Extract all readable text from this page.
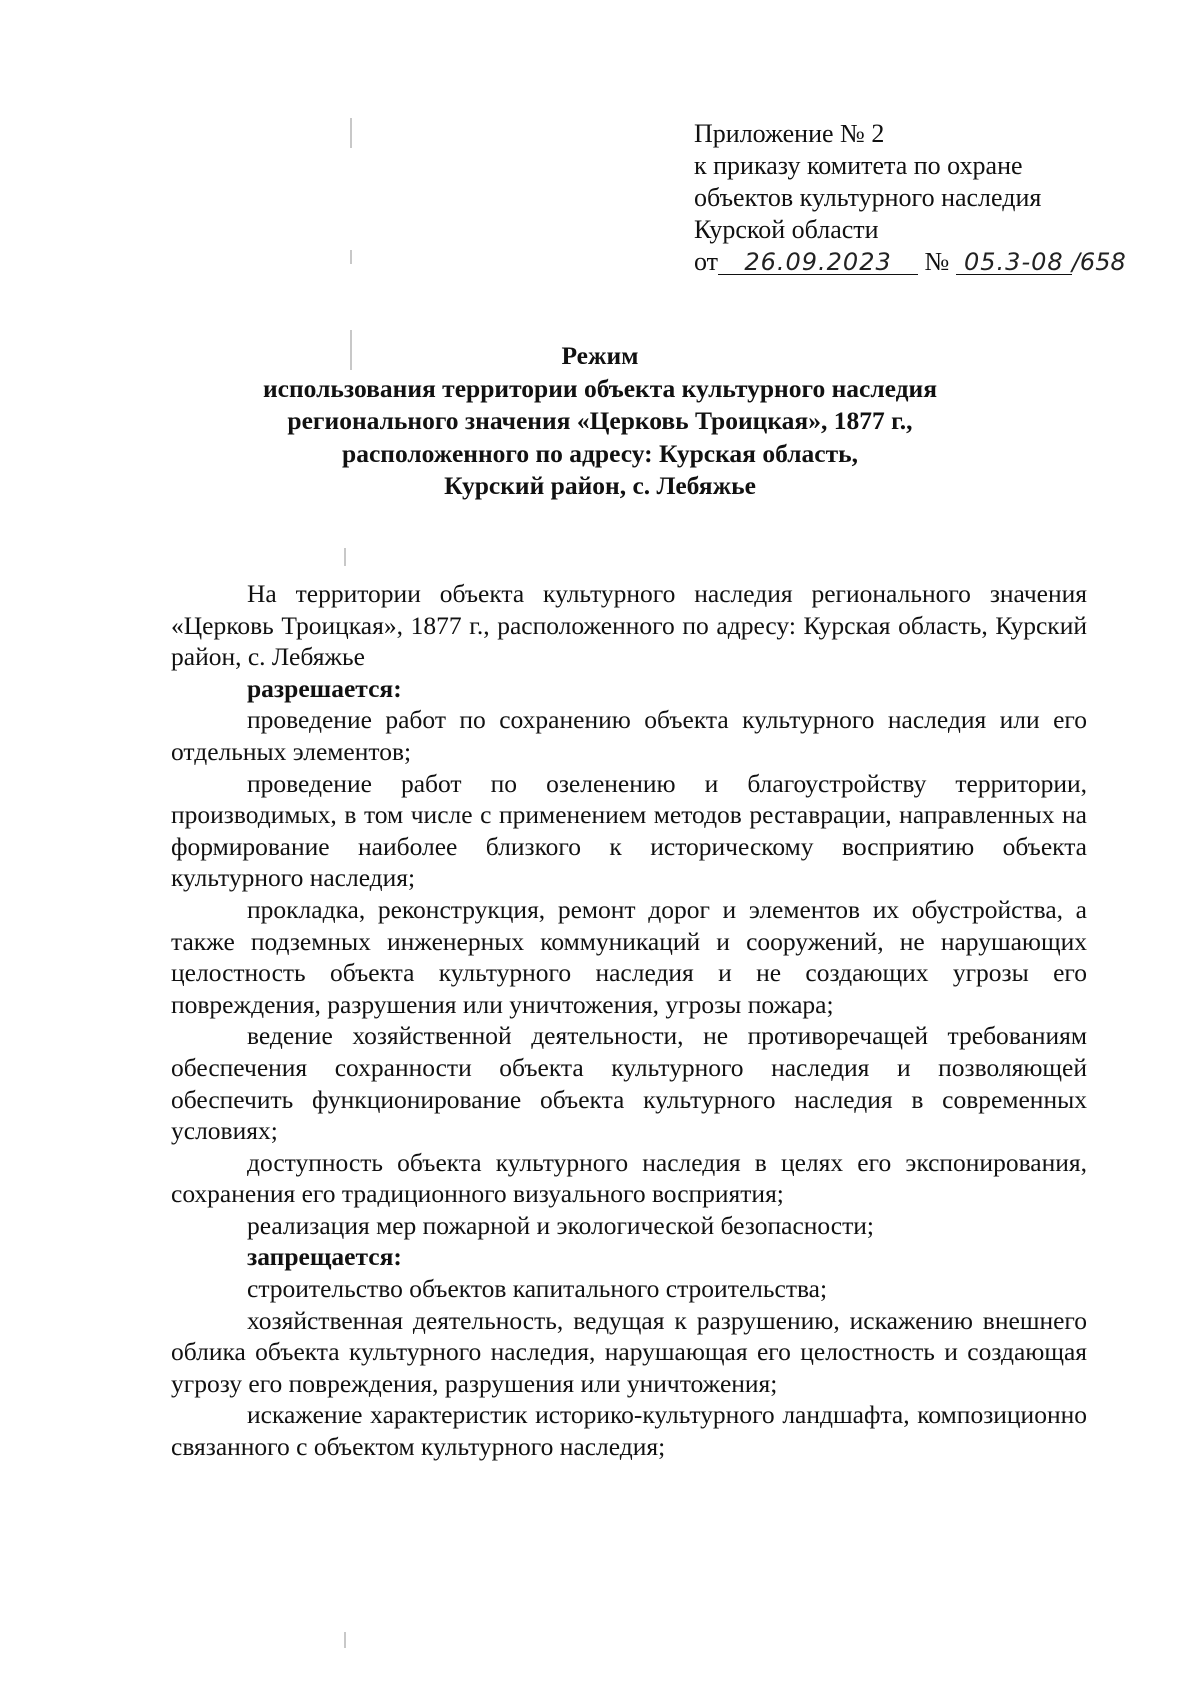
Приложение № 2
к приказу комитета по охране
объектов культурного наследия
Курской области
от 26.09.2023 № 05.3-08 /658
Режим
использования территории объекта культурного наследия
регионального значения «Церковь Троицкая», 1877 г.,
расположенного по адресу: Курская область,
Курский район, с. Лебяжье

На территории объекта культурного наследия регионального значения «Церковь Троицкая», 1877 г., расположенного по адресу: Курская область, Курский район, с. Лебяжье

разрешается:

проведение работ по сохранению объекта культурного наследия или его отдельных элементов;

проведение работ по озеленению и благоустройству территории, производимых, в том числе с применением методов реставрации, направленных на формирование наиболее близкого к историческому восприятию объекта культурного наследия;

прокладка, реконструкция, ремонт дорог и элементов их обустройства, а также подземных инженерных коммуникаций и сооружений, не нарушающих целостность объекта культурного наследия и не создающих угрозы его повреждения, разрушения или уничтожения, угрозы пожара;

ведение хозяйственной деятельности, не противоречащей требованиям обеспечения сохранности объекта культурного наследия и позволяющей обеспечить функционирование объекта культурного наследия в современных условиях;

доступность объекта культурного наследия в целях его экспонирования, сохранения его традиционного визуального восприятия;

реализация мер пожарной и экологической безопасности;

запрещается:

строительство объектов капитального строительства;

хозяйственная деятельность, ведущая к разрушению, искажению внешнего облика объекта культурного наследия, нарушающая его целостность и создающая угрозу его повреждения, разрушения или уничтожения;

искажение характеристик историко-культурного ландшафта, композиционно связанного с объектом культурного наследия;
